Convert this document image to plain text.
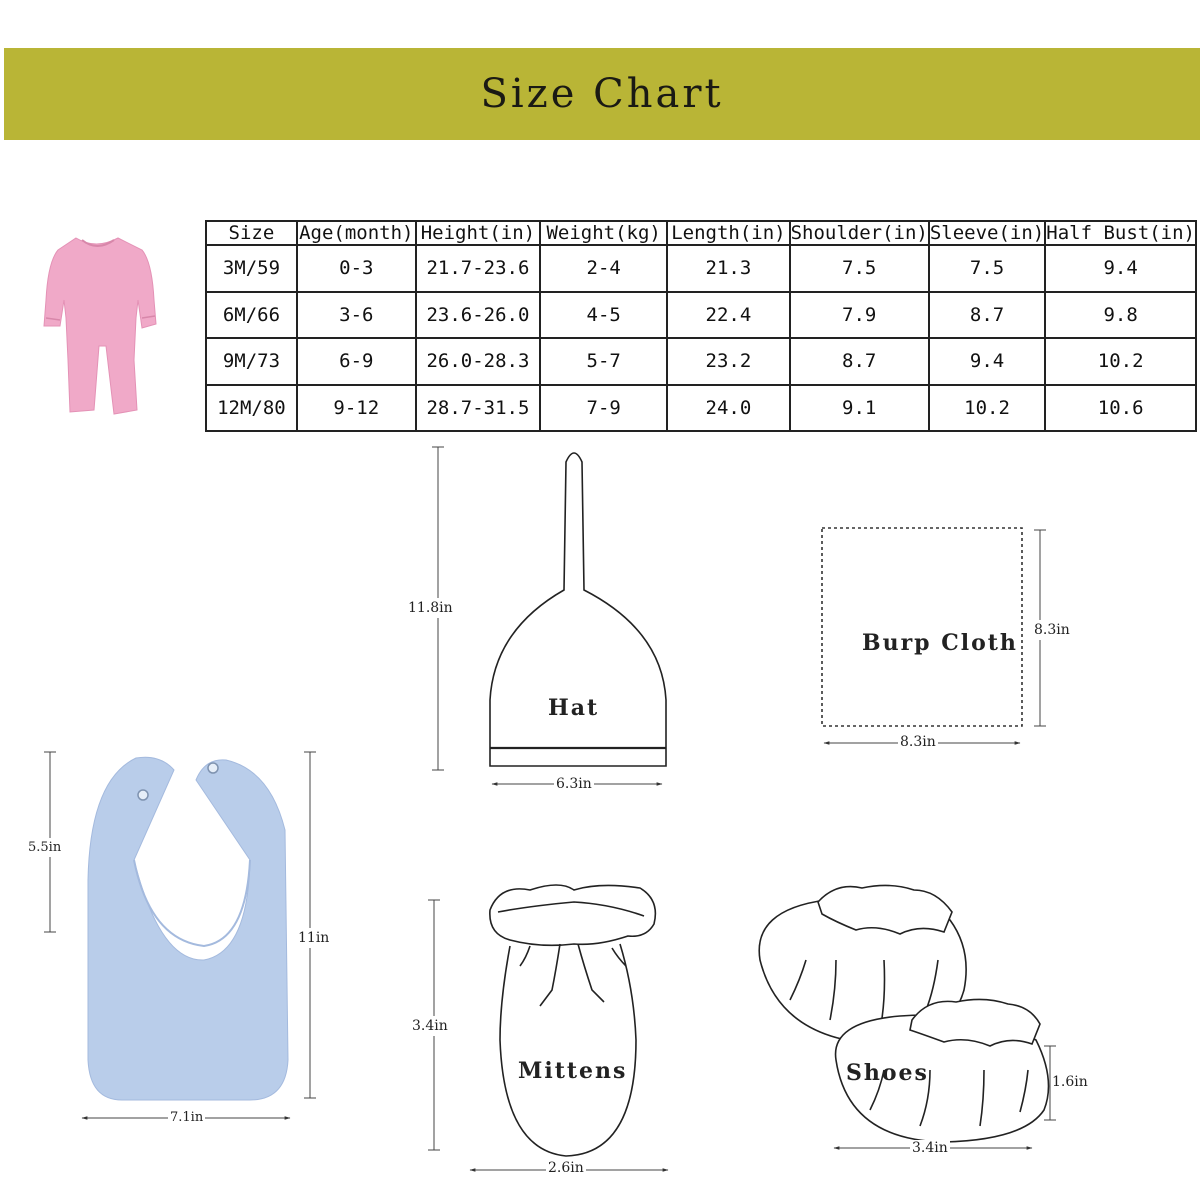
Size Chart
Size	Age(month)	Height(in)	Weight(kg)	Length(in)	Shoulder(in)	Sleeve(in)	Half Bust(in)
3M/59	0-3	21.7-23.6	2-4	21.3	7.5	7.5	9.4
6M/66	3-6	23.6-26.0	4-5	22.4	7.9	8.7	9.8
9M/73	6-9	26.0-28.3	5-7	23.2	8.7	9.4	10.2
12M/80	9-12	28.7-31.5	7-9	24.0	9.1	10.2	10.6
Hat
11.8in
6.3in
Burp Cloth 8.3in
8.3in
5.5in
11in
7.1in
Mittens
3.4in
2.6in
Shoes	1.6in
3.4in
